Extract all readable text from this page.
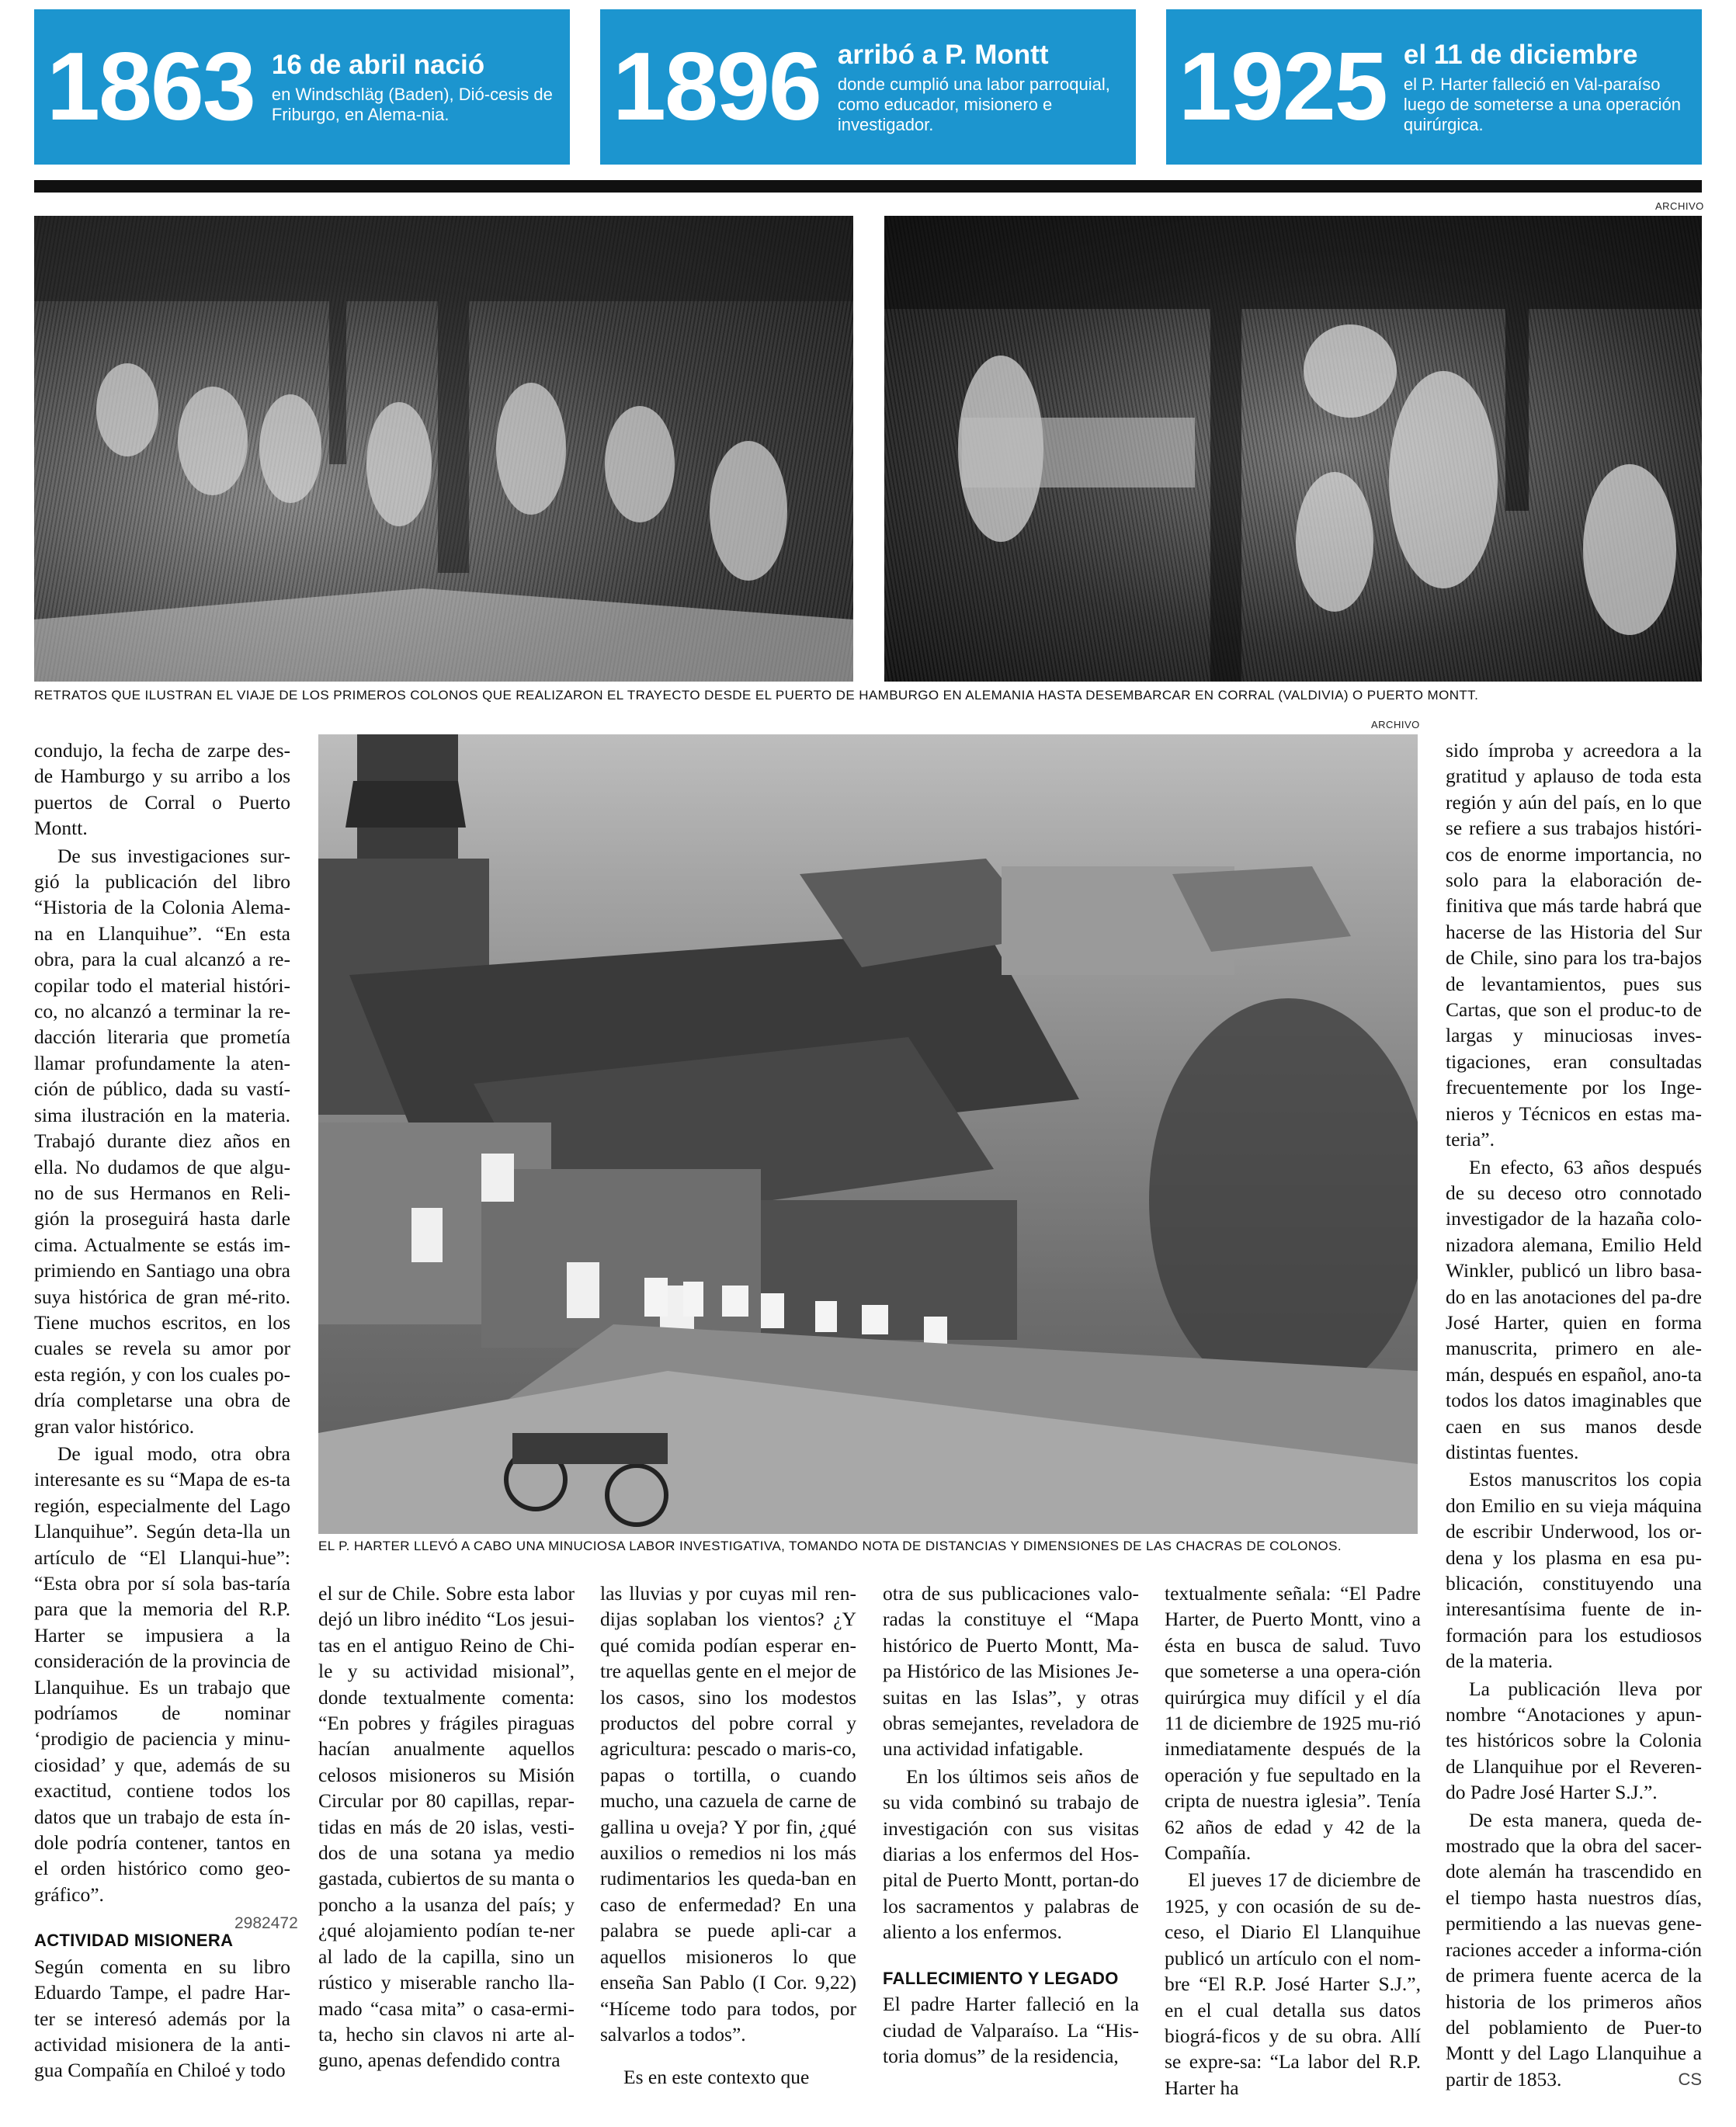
1863 16 de abril nació
en Windschläg (Baden), Dió-cesis de Friburgo, en Alema-nia.	1896 arribó a P. Montt
donde cumplió una labor parroquial, como educador, misionero e investigador.	1925 el 11 de diciembre
el P. Harter falleció en Val-paraíso luego de someterse a una operación quirúrgica.
ARCHIVO
RETRATOS QUE ILUSTRAN EL VIAJE DE LOS PRIMEROS COLONOS QUE REALIZARON EL TRAYECTO DESDE EL PUERTO DE HAMBURGO EN ALEMANIA HASTA DESEMBARCAR EN CORRAL (VALDIVIA) O PUERTO MONTT.
ARCHIVO
EL P. HARTER LLEVÓ A CABO UNA MINUCIOSA LABOR INVESTIGATIVA, TOMANDO NOTA DE DISTANCIAS Y DIMENSIONES DE LAS CHACRAS DE COLONOS.

condujo, la fecha de zarpe des-de Hamburgo y su arribo a los puertos de Corral o Puerto Montt.

De sus investigaciones sur-gió la publicación del libro “Historia de la Colonia Alema-na en Llanquihue”. “En esta obra, para la cual alcanzó a re-copilar todo el material históri-co, no alcanzó a terminar la re-dacción literaria que prometía llamar profundamente la aten-ción de público, dada su vastí-sima ilustración en la materia. Trabajó durante diez años en ella. No dudamos de que algu-no de sus Hermanos en Reli-gión la proseguirá hasta darle cima. Actualmente se estás im-primiendo en Santiago una obra suya histórica de gran mé-rito. Tiene muchos escritos, en los cuales se revela su amor por esta región, y con los cuales po-dría completarse una obra de gran valor histórico.

De igual modo, otra obra interesante es su “Mapa de es-ta región, especialmente del Lago Llanquihue”. Según deta-lla un artículo de “El Llanqui-hue”: “Esta obra por sí sola bas-taría para que la memoria del R.P. Harter se impusiera a la consideración de la provincia de Llanquihue. Es un trabajo que podríamos de nominar ‘prodigio de paciencia y minu-ciosidad’ y que, además de su exactitud, contiene todos los datos que un trabajo de esta ín-dole podría contener, tantos en el orden histórico como geo-gráfico”.

ACTIVIDAD MISIONERA

Según comenta en su libro Eduardo Tampe, el padre Har-ter se interesó además por la actividad misionera de la anti-gua Compañía en Chiloé y todo

2982472

el sur de Chile. Sobre esta labor dejó un libro inédito “Los jesui-tas en el antiguo Reino de Chi-le y su actividad misional”, donde textualmente comenta: “En pobres y frágiles piraguas hacían anualmente aquellos celosos misioneros su Misión Circular por 80 capillas, repar-tidas en más de 20 islas, vesti-dos de una sotana ya medio gastada, cubiertos de su manta o poncho a la usanza del país; y ¿qué alojamiento podían te-ner al lado de la capilla, sino un rústico y miserable rancho lla-mado “casa mita” o casa-ermi-ta, hecho sin clavos ni arte al-guno, apenas defendido contra

las lluvias y por cuyas mil ren-dijas soplaban los vientos? ¿Y qué comida podían esperar en-tre aquellas gente en el mejor de los casos, sino los modestos productos del pobre corral y agricultura: pescado o maris-co, papas o tortilla, o cuando mucho, una cazuela de carne de gallina u oveja? Y por fin, ¿qué auxilios o remedios ni los más rudimentarios les queda-ban en caso de enfermedad? En una palabra se puede apli-car a aquellos misioneros lo que enseña San Pablo (I Cor. 9,22) “Híceme todo para todos, por salvarlos a todos”.

Es en este contexto que

otra de sus publicaciones valo-radas la constituye el “Mapa histórico de Puerto Montt, Ma-pa Histórico de las Misiones Je-suitas en las Islas”, y otras obras semejantes, reveladora de una actividad infatigable.

En los últimos seis años de su vida combinó su trabajo de investigación con sus visitas diarias a los enfermos del Hos-pital de Puerto Montt, portan-do los sacramentos y palabras de aliento a los enfermos.

FALLECIMIENTO Y LEGADO

El padre Harter falleció en la ciudad de Valparaíso. La “His-toria domus” de la residencia,

textualmente señala: “El Padre Harter, de Puerto Montt, vino a ésta en busca de salud. Tuvo que someterse a una opera-ción quirúrgica muy difícil y el día 11 de diciembre de 1925 mu-rió inmediatamente después de la operación y fue sepultado en la cripta de nuestra iglesia”. Tenía 62 años de edad y 42 de la Compañía.

El jueves 17 de diciembre de 1925, y con ocasión de su de-ceso, el Diario El Llanquihue publicó un artículo con el nom-bre “El R.P. José Harter S.J.”, en el cual detalla sus datos biográ-ficos y de su obra. Allí se expre-sa: “La labor del R.P. Harter ha

sido ímproba y acreedora a la gratitud y aplauso de toda esta región y aún del país, en lo que se refiere a sus trabajos históri-cos de enorme importancia, no solo para la elaboración de-finitiva que más tarde habrá que hacerse de las Historia del Sur de Chile, sino para los tra-bajos de levantamientos, pues sus Cartas, que son el produc-to de largas y minuciosas inves-tigaciones, eran consultadas frecuentemente por los Inge-nieros y Técnicos en estas ma-teria”.

En efecto, 63 años después de su deceso otro connotado investigador de la hazaña colo-nizadora alemana, Emilio Held Winkler, publicó un libro basa-do en las anotaciones del pa-dre José Harter, quien en forma manuscrita, primero en ale-mán, después en español, ano-ta todos los datos imaginables que caen en sus manos desde distintas fuentes.

Estos manuscritos los copia don Emilio en su vieja máquina de escribir Underwood, los or-dena y los plasma en esa pu-blicación, constituyendo una interesantísima fuente de in-formación para los estudiosos de la materia.

La publicación lleva por nombre “Anotaciones y apun-tes históricos sobre la Colonia de Llanquihue por el Reveren-do Padre José Harter S.J.”.

De esta manera, queda de-mostrado que la obra del sacer-dote alemán ha trascendido en el tiempo hasta nuestros días, permitiendo a las nuevas gene-raciones acceder a informa-ción de primera fuente acerca de la historia de los primeros años del poblamiento de Puer-to Montt y del Lago Llanquihue a partir de 1853.	CS
